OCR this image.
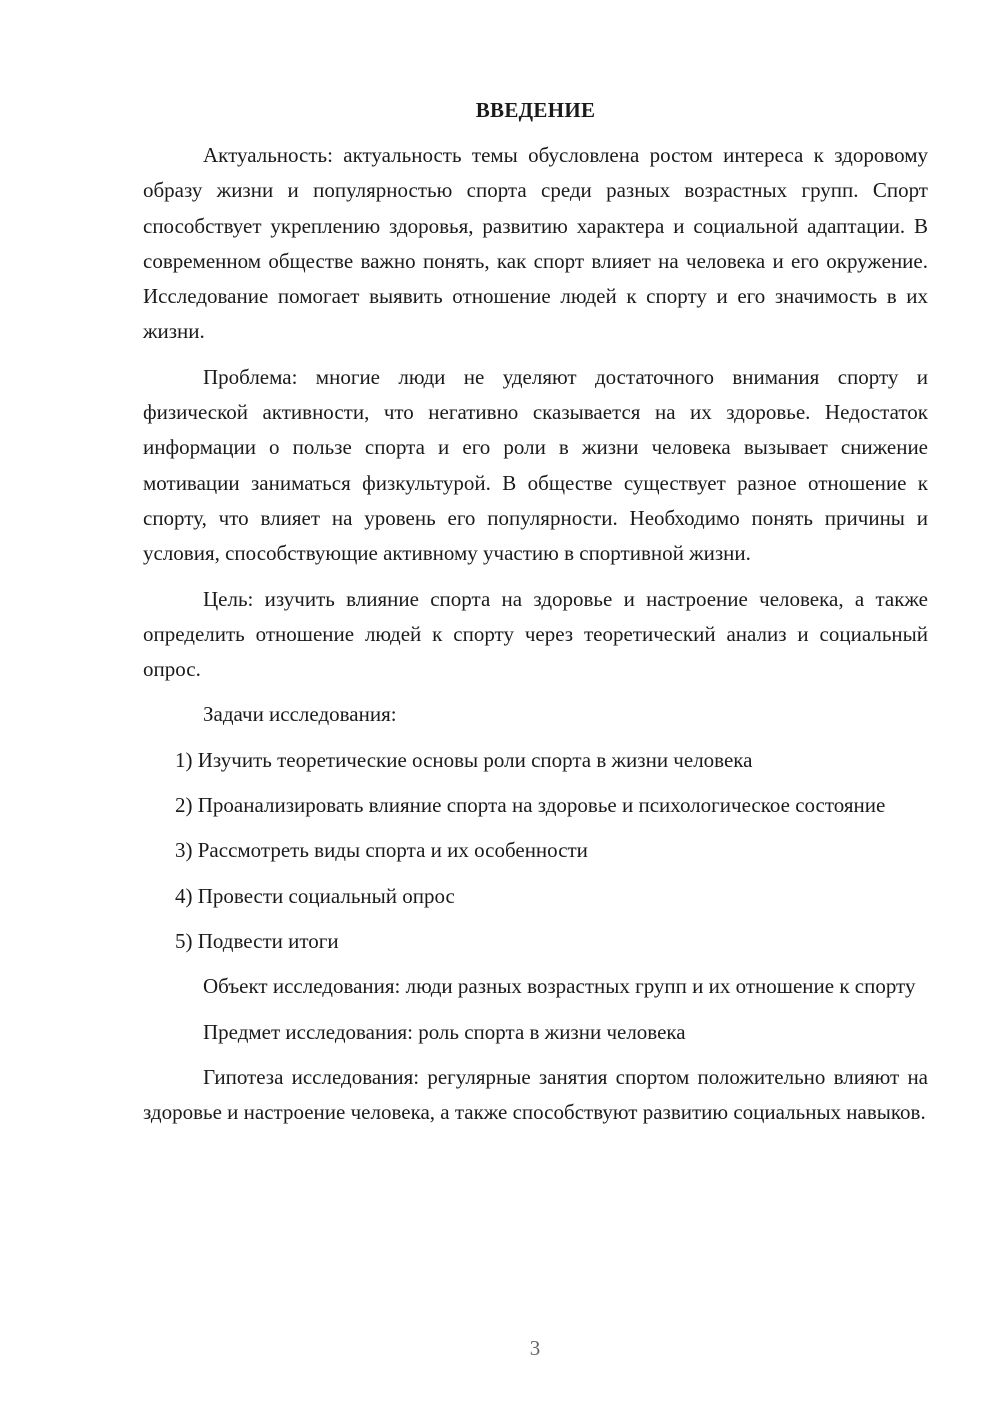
ВВЕДЕНИЕ

Актуальность: актуальность темы обусловлена ростом интереса к здоровому образу жизни и популярностью спорта среди разных возрастных групп. Спорт способствует укреплению здоровья, развитию характера и социальной адаптации. В современном обществе важно понять, как спорт влияет на человека и его окружение. Исследование помогает выявить отношение людей к спорту и его значимость в их жизни.

Проблема: многие люди не уделяют достаточного внимания спорту и физической активности, что негативно сказывается на их здоровье. Недостаток информации о пользе спорта и его роли в жизни человека вызывает снижение мотивации заниматься физкультурой. В обществе существует разное отношение к спорту, что влияет на уровень его популярности. Необходимо понять причины и условия, способствующие активному участию в спортивной жизни.

Цель: изучить влияние спорта на здоровье и настроение человека, а также определить отношение людей к спорту через теоретический анализ и социальный опрос.

Задачи исследования:

1) Изучить теоретические основы роли спорта в жизни человека

2) Проанализировать влияние спорта на здоровье и психологическое состояние

3) Рассмотреть виды спорта и их особенности

4) Провести социальный опрос

5) Подвести итоги

Объект исследования: люди разных возрастных групп и их отношение к спорту

Предмет исследования: роль спорта в жизни человека

Гипотеза исследования: регулярные занятия спортом положительно влияют на здоровье и настроение человека, а также способствуют развитию социальных навыков.

3
